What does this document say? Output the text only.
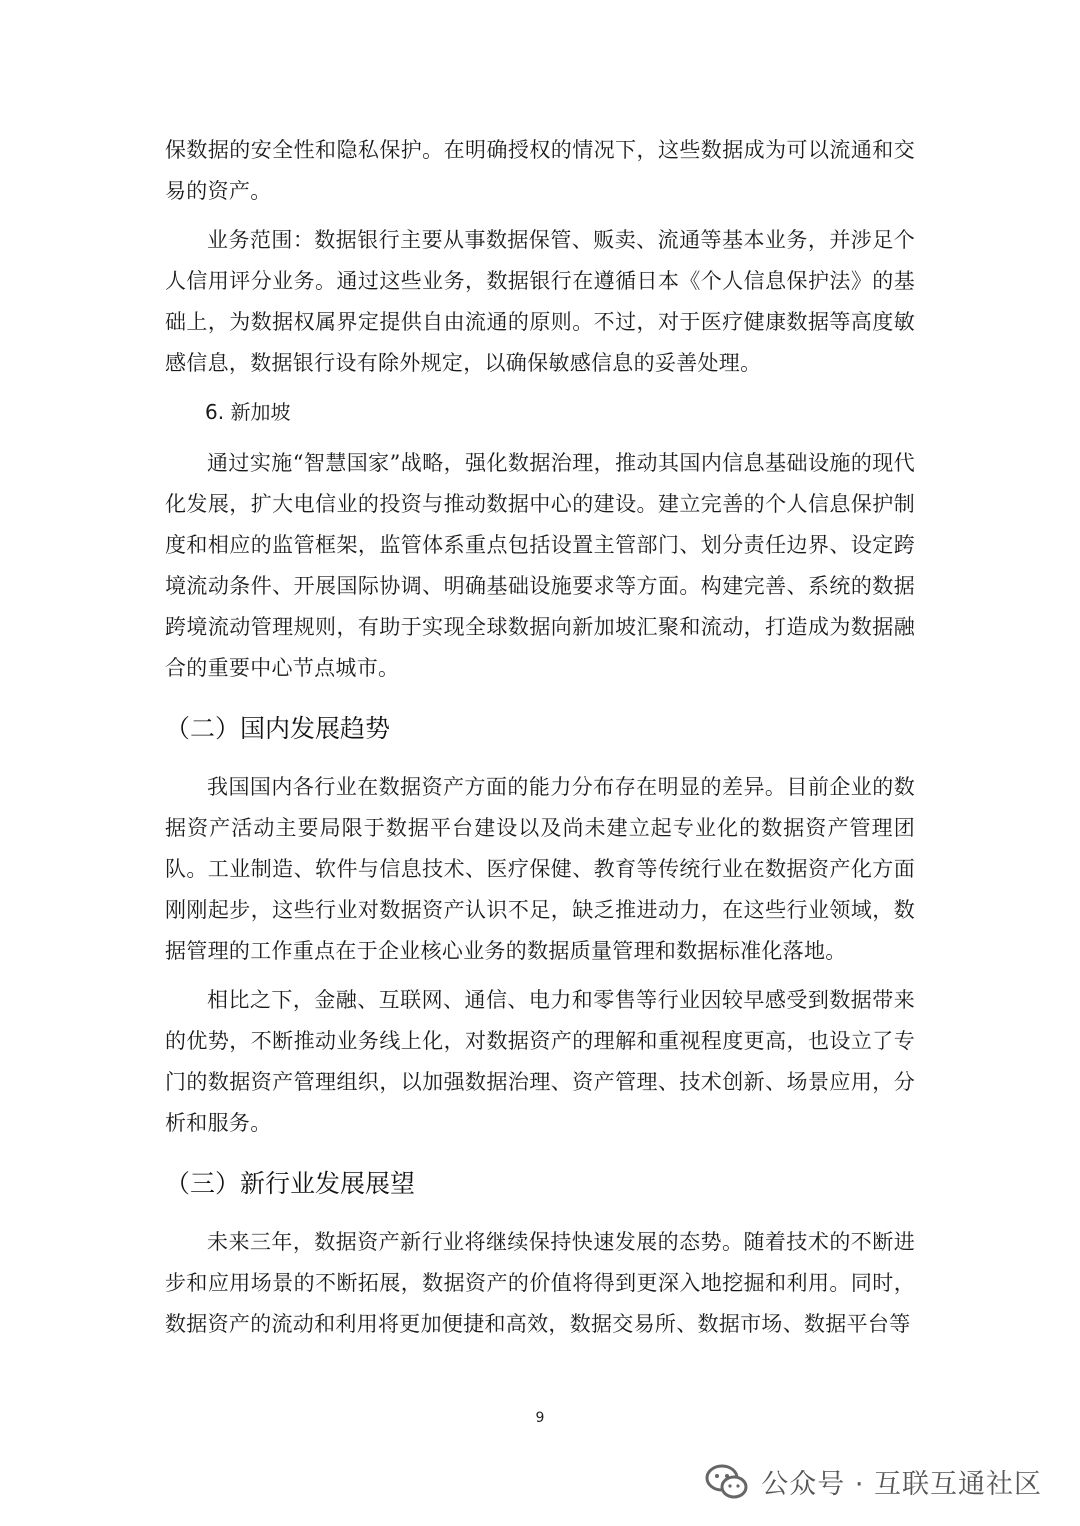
保数据的安全性和隐私保护。在明确授权的情况下，这些数据成为可以流通和交易的资产。

业务范围：数据银行主要从事数据保管、贩卖、流通等基本业务，并涉足个人信用评分业务。通过这些业务，数据银行在遵循日本《个人信息保护法》的基础上，为数据权属界定提供自由流通的原则。不过，对于医疗健康数据等高度敏感信息，数据银行设有除外规定，以确保敏感信息的妥善处理。

6. 新加坡

通过实施“智慧国家”战略，强化数据治理，推动其国内信息基础设施的现代化发展，扩大电信业的投资与推动数据中心的建设。建立完善的个人信息保护制度和相应的监管框架，监管体系重点包括设置主管部门、划分责任边界、设定跨境流动条件、开展国际协调、明确基础设施要求等方面。构建完善、系统的数据跨境流动管理规则，有助于实现全球数据向新加坡汇聚和流动，打造成为数据融合的重要中心节点城市。

（二）国内发展趋势

我国国内各行业在数据资产方面的能力分布存在明显的差异。目前企业的数据资产活动主要局限于数据平台建设以及尚未建立起专业化的数据资产管理团队。工业制造、软件与信息技术、医疗保健、教育等传统行业在数据资产化方面刚刚起步，这些行业对数据资产认识不足，缺乏推进动力，在这些行业领域，数据管理的工作重点在于企业核心业务的数据质量管理和数据标准化落地。

相比之下，金融、互联网、通信、电力和零售等行业因较早感受到数据带来的优势，不断推动业务线上化，对数据资产的理解和重视程度更高，也设立了专门的数据资产管理组织，以加强数据治理、资产管理、技术创新、场景应用，分析和服务。

（三）新行业发展展望

未来三年，数据资产新行业将继续保持快速发展的态势。随着技术的不断进步和应用场景的不断拓展，数据资产的价值将得到更深入地挖掘和利用。同时，数据资产的流动和利用将更加便捷和高效，数据交易所、数据市场、数据平台等

9
公众号 · 互联互通社区
